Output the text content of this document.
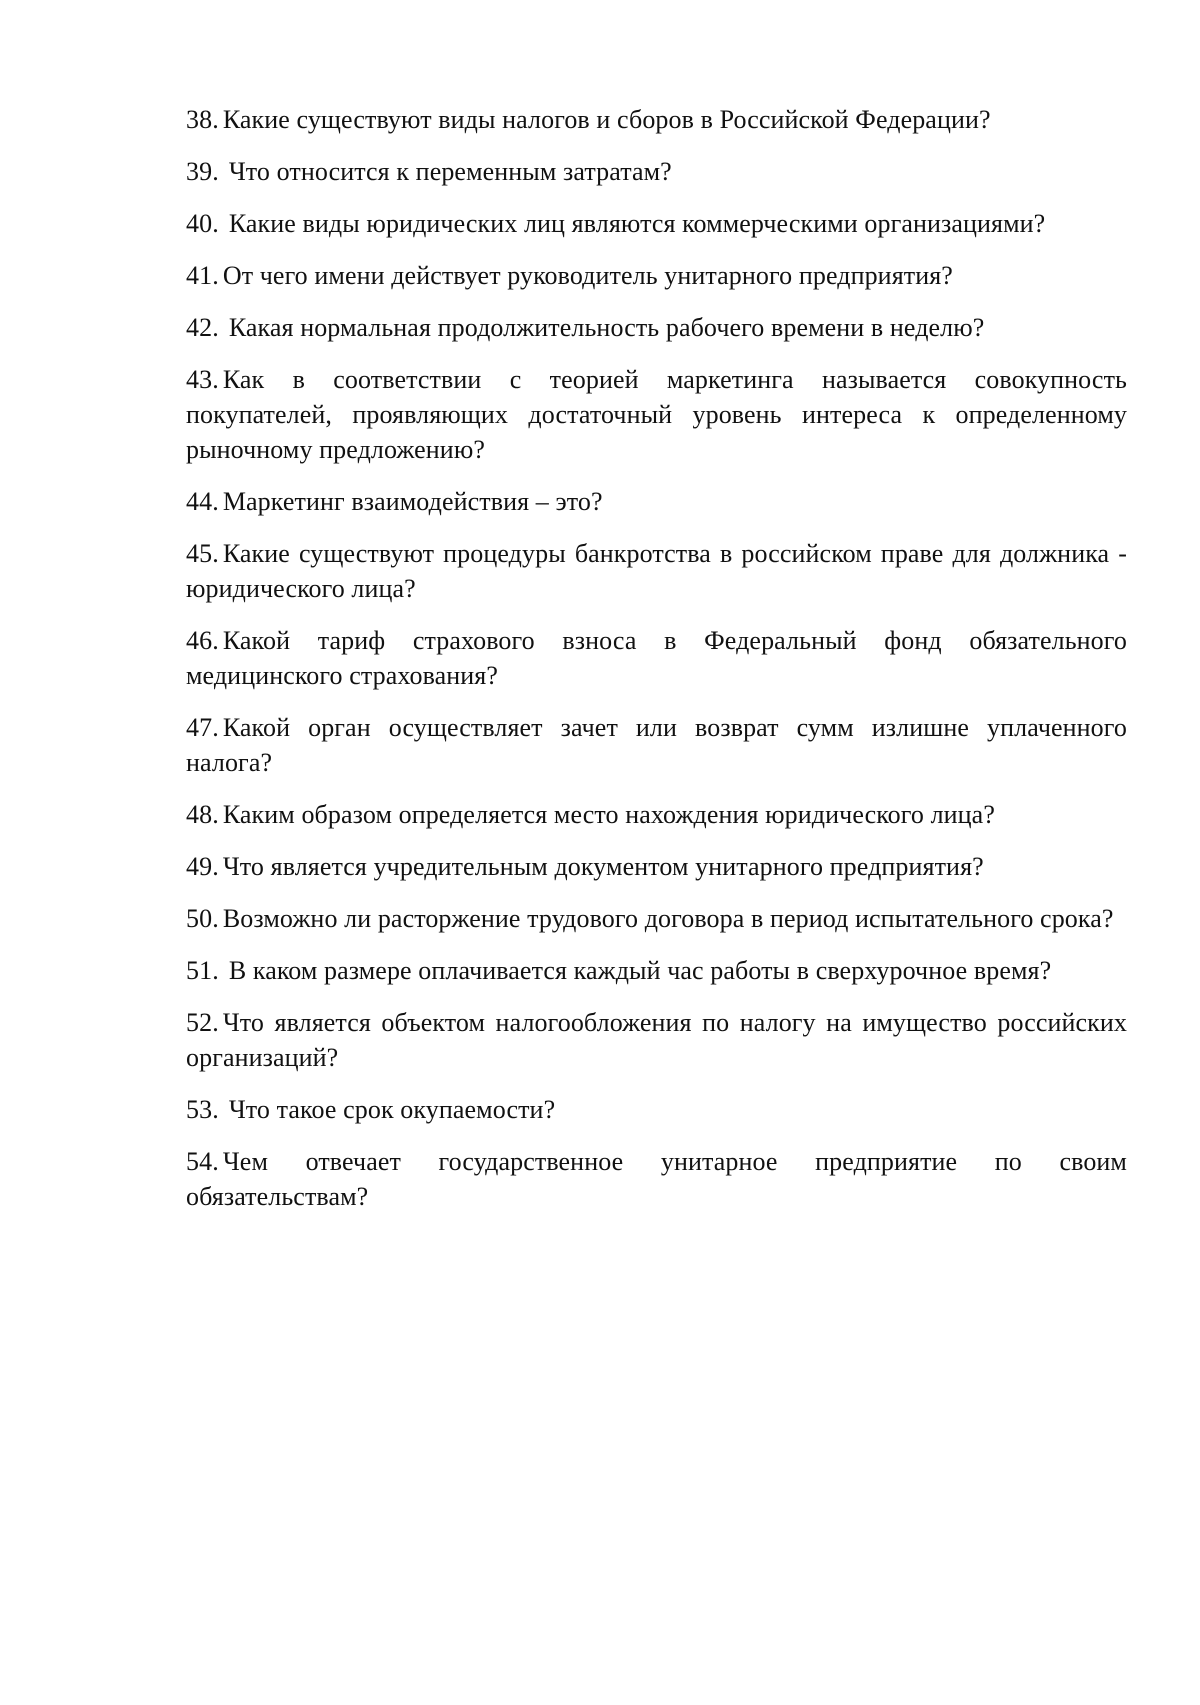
38. Какие существуют виды налогов и сборов в Российской Федерации?
39. Что относится к переменным затратам?
40. Какие виды юридических лиц являются коммерческими организациями?
41. От чего имени действует руководитель унитарного предприятия?
42. Какая нормальная продолжительность рабочего времени в неделю?
43. Как в соответствии с теорией маркетинга называется совокупность покупателей, проявляющих достаточный уровень интереса к определенному рыночному предложению?
44. Маркетинг взаимодействия – это?
45. Какие существуют процедуры банкротства в российском праве для должника - юридического лица?
46. Какой тариф страхового взноса в Федеральный фонд обязательного медицинского страхования?
47. Какой орган осуществляет зачет или возврат сумм излишне уплаченного налога?
48. Каким образом определяется место нахождения юридического лица?
49. Что является учредительным документом унитарного предприятия?
50. Возможно ли расторжение трудового договора в период испытательного срока?
51. В каком размере оплачивается каждый час работы в сверхурочное время?
52. Что является объектом налогообложения по налогу на имущество российских организаций?
53. Что такое срок окупаемости?
54. Чем отвечает государственное унитарное предприятие по своим обязательствам?
